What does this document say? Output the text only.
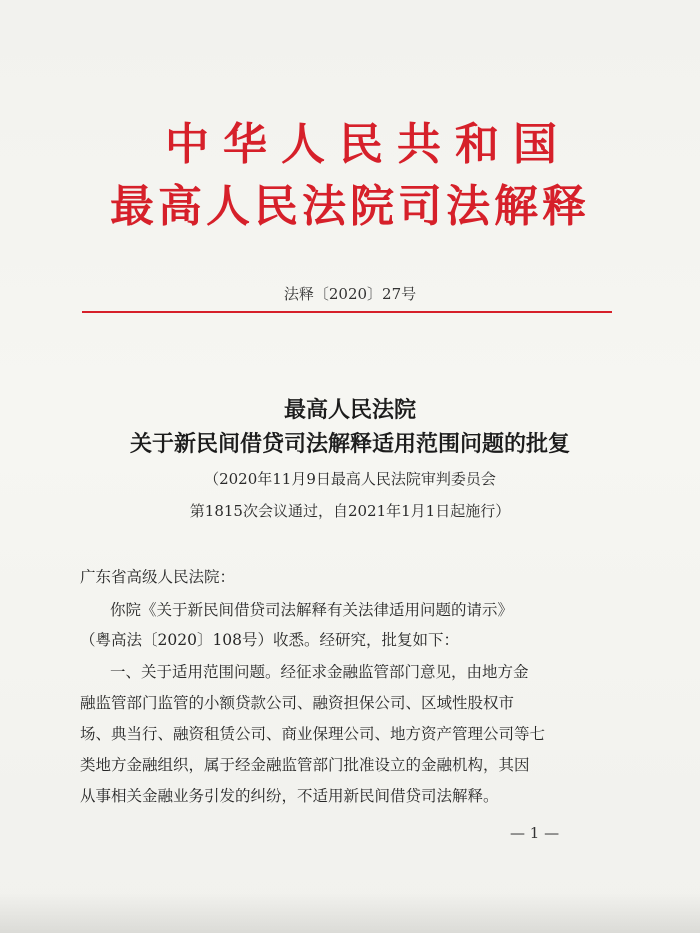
中华人民共和国
最高人民法院司法解释
法释〔2020〕27号
最高人民法院
关于新民间借贷司法解释适用范围问题的批复
（2020年11月9日最高人民法院审判委员会
第1815次会议通过，自2021年1月1日起施行）
广东省高级人民法院：
你院《关于新民间借贷司法解释有关法律适用问题的请示》
（粤高法〔2020〕108号）收悉。经研究，批复如下：
一、关于适用范围问题。经征求金融监管部门意见，由地方金
融监管部门监管的小额贷款公司、融资担保公司、区域性股权市
场、典当行、融资租赁公司、商业保理公司、地方资产管理公司等七
类地方金融组织，属于经金融监管部门批准设立的金融机构，其因
从事相关金融业务引发的纠纷，不适用新民间借贷司法解释。
— 1 —
